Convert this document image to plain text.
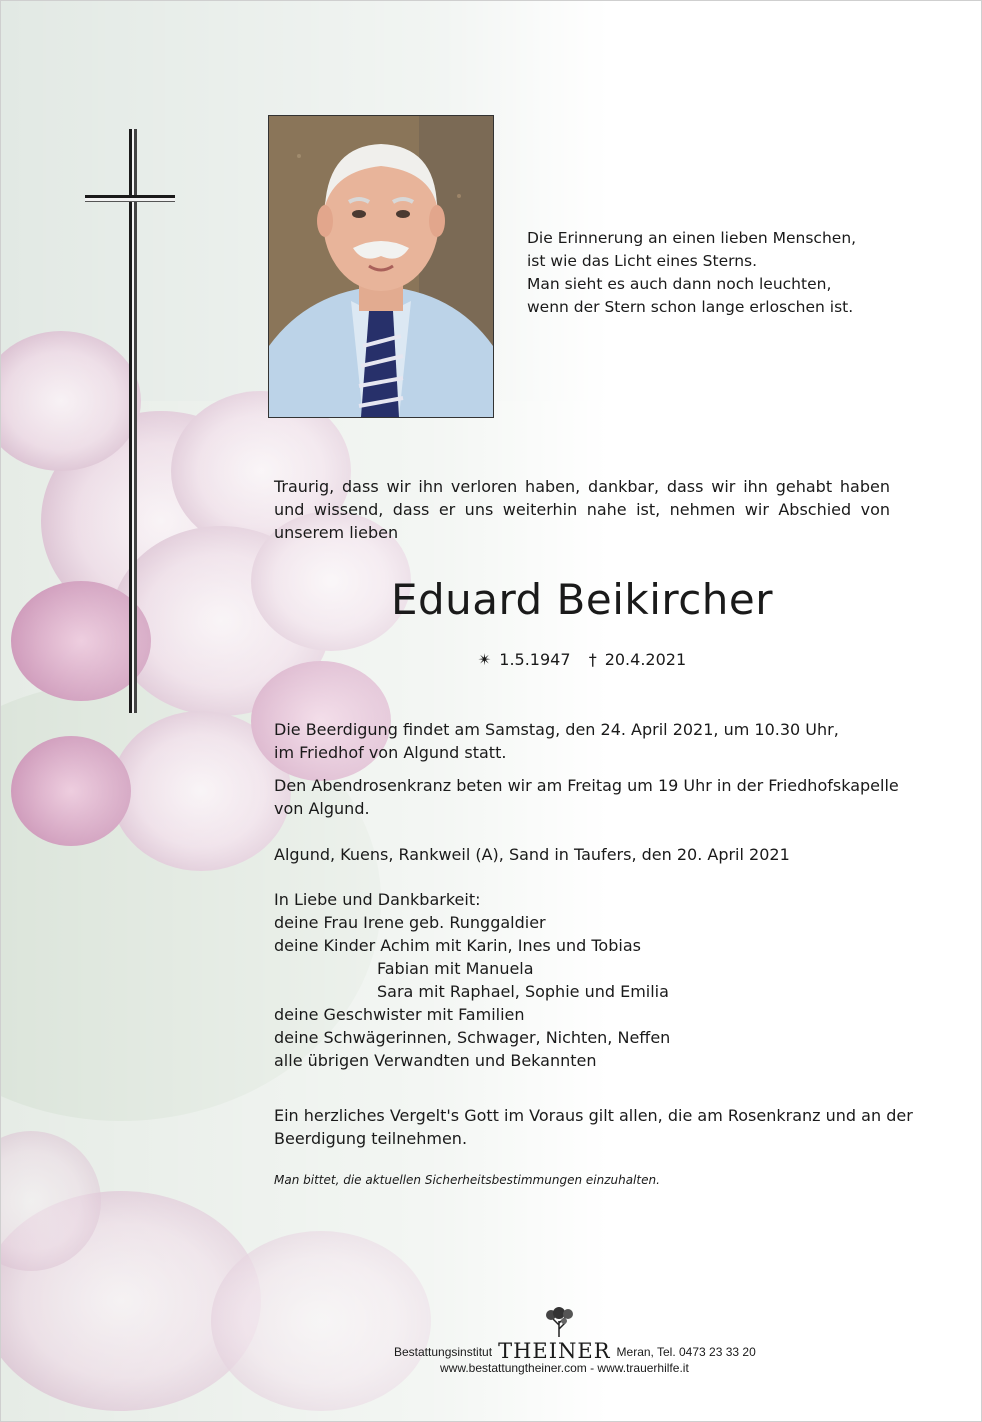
Die Erinnerung an einen lieben Menschen,
ist wie das Licht eines Sterns.
Man sieht es auch dann noch leuchten,
wenn der Stern schon lange erloschen ist.
Traurig, dass wir ihn verloren haben, dankbar, dass wir ihn gehabt haben und wissend, dass er uns weiterhin nahe ist, nehmen wir Abschied von unserem lieben
Eduard Beikircher
✴ 1.5.1947 † 20.4.2021
Die Beerdigung findet am Samstag, den 24. April 2021, um 10.30 Uhr,
im Friedhof von Algund statt.
Den Abendrosenkranz beten wir am Freitag um 19 Uhr in der Friedhofskapelle
von Algund.
Algund, Kuens, Rankweil (A), Sand in Taufers, den 20. April 2021
In Liebe und Dankbarkeit:
deine Frau Irene geb. Runggaldier
deine Kinder Achim mit Karin, Ines und Tobias
Fabian mit Manuela
Sara mit Raphael, Sophie und Emilia
deine Geschwister mit Familien
deine Schwägerinnen, Schwager, Nichten, Neffen
alle übrigen Verwandten und Bekannten
Ein herzliches Vergelt's Gott im Voraus gilt allen, die am Rosenkranz und an der
Beerdigung teilnehmen.
Man bittet, die aktuellen Sicherheitsbestimmungen einzuhalten.
Bestattungsinstitut THEINER Meran, Tel. 0473 23 33 20
www.bestattungtheiner.com - www.trauerhilfe.it
